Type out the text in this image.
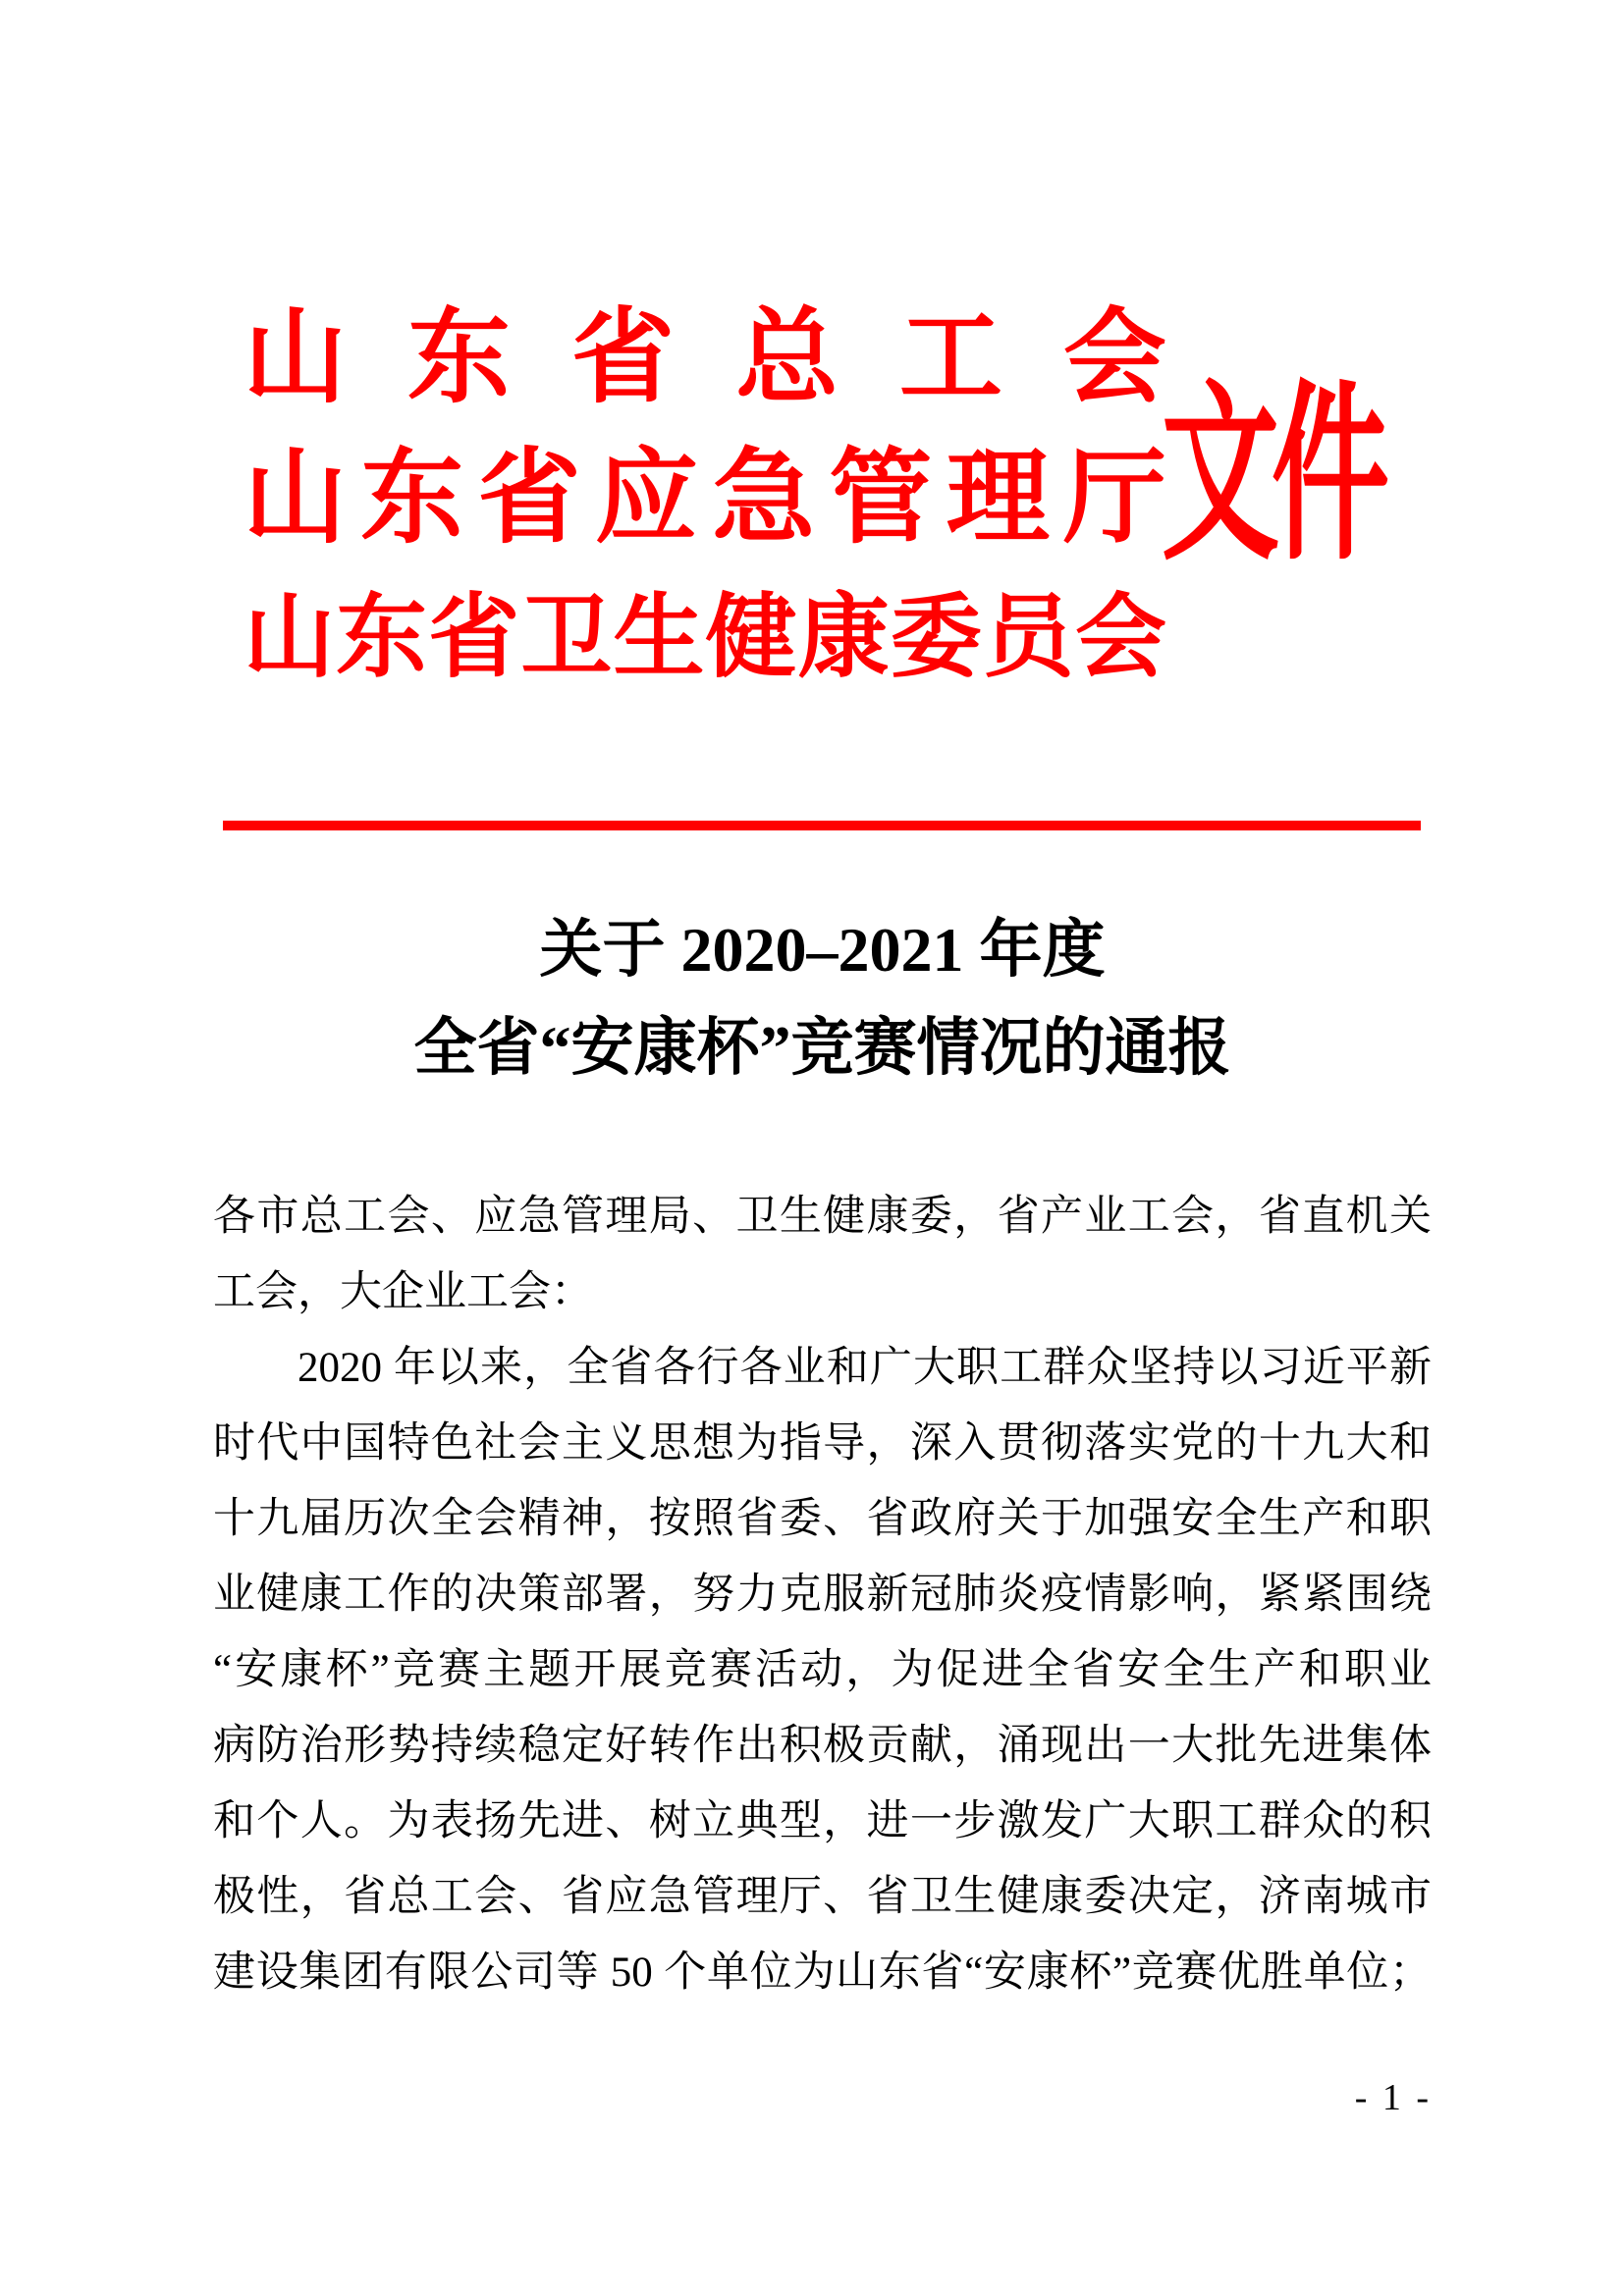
山 东 省 总 工 会
山 东 省 应 急 管 理 厅
山 东 省 卫 生 健 康 委 员 会
文件
关于 2020–2021 年度
全省“安康杯”竞赛情况的通报
各市总工会、应急管理局、卫生健康委，省产业工会，省直机关
工会，大企业工会：
2020 年以来，全省各行各业和广大职工群众坚持以习近平新
时代中国特色社会主义思想为指导，深入贯彻落实党的十九大和
十九届历次全会精神，按照省委、省政府关于加强安全生产和职
业健康工作的决策部署，努力克服新冠肺炎疫情影响，紧紧围绕
“安康杯”竞赛主题开展竞赛活动，为促进全省安全生产和职业
病防治形势持续稳定好转作出积极贡献，涌现出一大批先进集体
和个人。为表扬先进、树立典型，进一步激发广大职工群众的积
极性，省总工会、省应急管理厅、省卫生健康委决定，济南城市
建设集团有限公司等 50 个单位为山东省“安康杯”竞赛优胜单位；
- 1 -
